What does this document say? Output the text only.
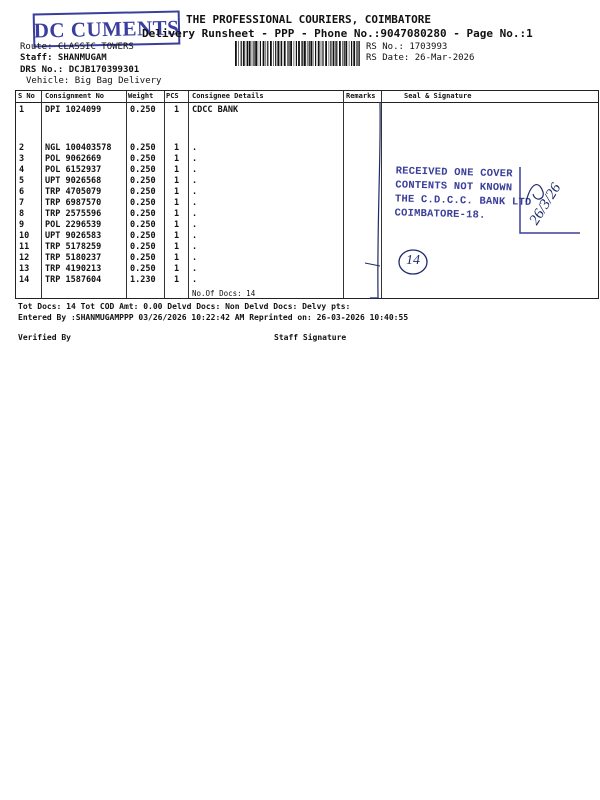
DC CUMENTS THE PROFESSIONAL COURIERS, COIMBATORE
Delivery Runsheet - PPP - Phone No.:9047080280 - Page No.:1
Route: CLASSIC TOWERS
Staff: SHANMUGAM
DRS No.: DCJB170399301
Vehicle: Big Bag Delivery
RS No.: 1703993
RS Date: 26-Mar-2026
S No Consignment No	Weight PCS Consignee Details	Remarks	Seal & Signature
1 DPI 1024099	0.250 1 CDCC BANK
2 NGL 100403578 0.250 1 .
3 POL 9062669	0.250 1 .
4 POL 6152937	0.250 1 .
5 UPT 9026568	0.250 1 .
6 TRP 4705079	0.250 1 .
7 TRP 6987570	0.250 1 .
8 TRP 2575596	0.250 1 .
9 POL 2296539	0.250 1 .
10 UPT 9026583	0.250 1 .
11 TRP 5178259	0.250 1 .
12 TRP 5180237	0.250 1 .
13 TRP 4190213	0.250 1 .
14 TRP 1587604	1.230 1 .
No.Of Docs: 14
14
RECEIVED ONE COVER
CONTENTS NOT KNOWN
THE C.D.C.C. BANK LTD
COIMBATORE-18.	26/3/26
Tot Docs: 14 Tot COD Amt: 0.00 Delvd Docs: Non Delvd Docs: Delvy pts:
Entered By :SHANMUGAMPPP 03/26/2026 10:22:42 AM Reprinted on: 26-03-2026 10:40:55
Verified By	Staff Signature
